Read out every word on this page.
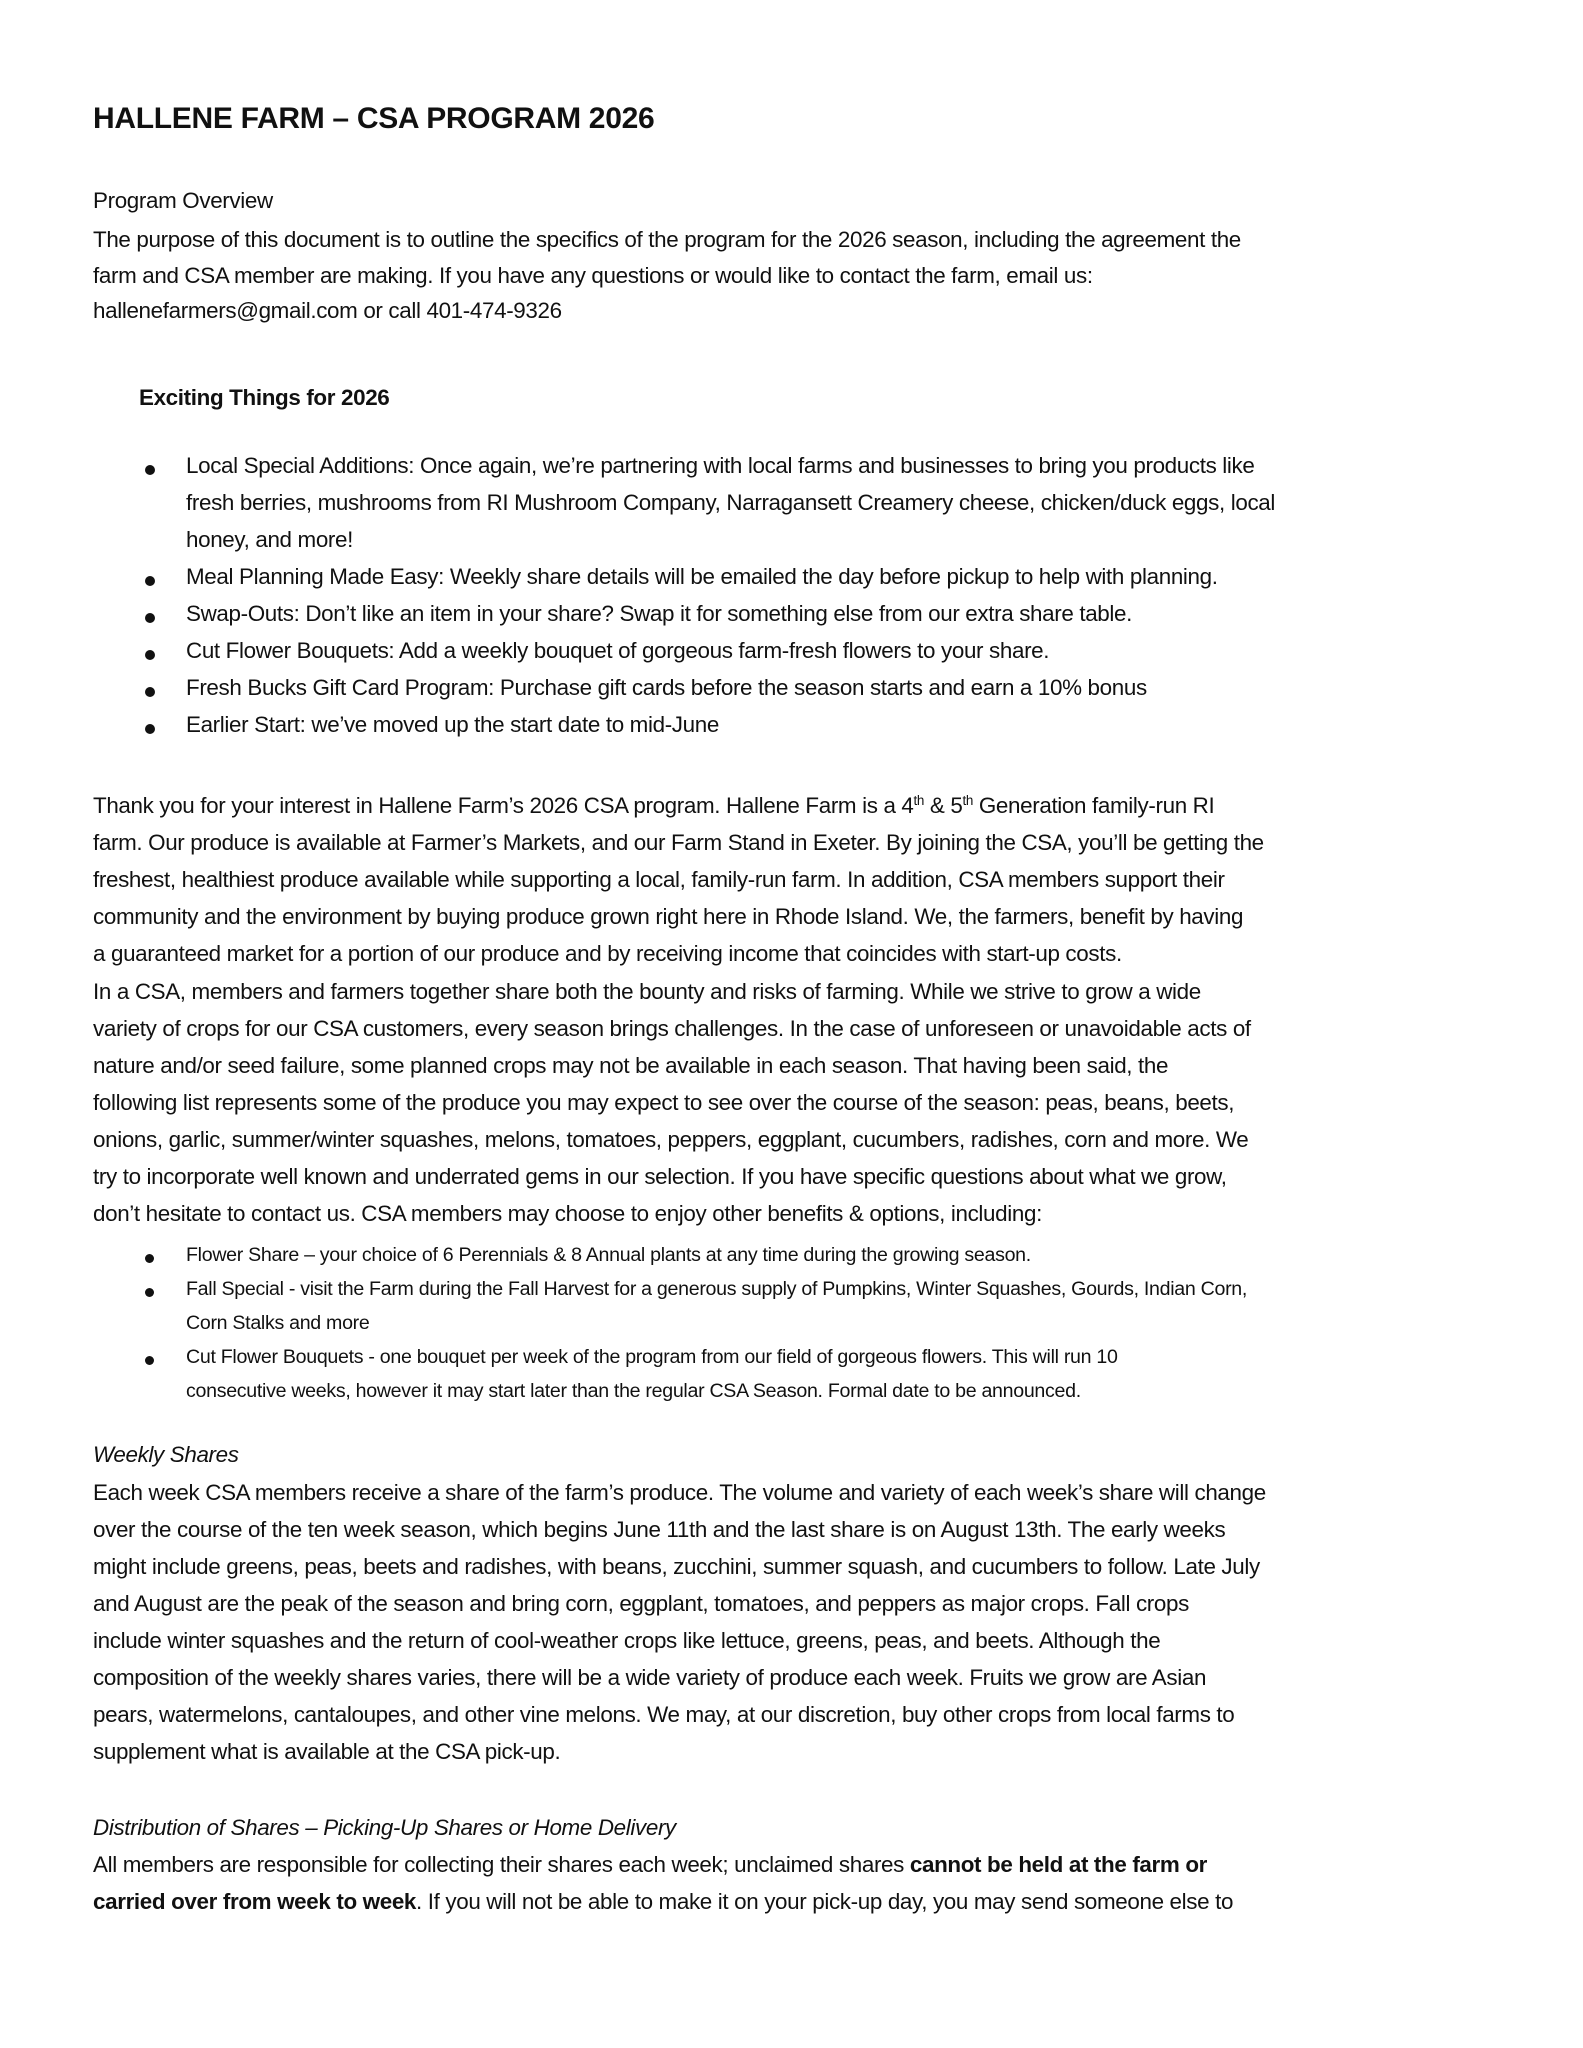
HALLENE FARM – CSA PROGRAM 2026
Program Overview
The purpose of this document is to outline the specifics of the program for the 2026 season, including the agreement the
farm and CSA member are making. If you have any questions or would like to contact the farm, email us:
hallenefarmers@gmail.com or call 401-474-9326
Exciting Things for 2026
Local Special Additions: Once again, we’re partnering with local farms and businesses to bring you products like
fresh berries, mushrooms from RI Mushroom Company, Narragansett Creamery cheese, chicken/duck eggs, local
honey, and more!
Meal Planning Made Easy: Weekly share details will be emailed the day before pickup to help with planning.
Swap-Outs: Don’t like an item in your share? Swap it for something else from our extra share table.
Cut Flower Bouquets: Add a weekly bouquet of gorgeous farm-fresh flowers to your share.
Fresh Bucks Gift Card Program: Purchase gift cards before the season starts and earn a 10% bonus
Earlier Start: we’ve moved up the start date to mid-June
Thank you for your interest in Hallene Farm’s 2026 CSA program. Hallene Farm is a 4th & 5th Generation family-run RI
farm. Our produce is available at Farmer’s Markets, and our Farm Stand in Exeter. By joining the CSA, you’ll be getting the
freshest, healthiest produce available while supporting a local, family-run farm. In addition, CSA members support their
community and the environment by buying produce grown right here in Rhode Island. We, the farmers, benefit by having
a guaranteed market for a portion of our produce and by receiving income that coincides with start-up costs.
In a CSA, members and farmers together share both the bounty and risks of farming. While we strive to grow a wide
variety of crops for our CSA customers, every season brings challenges. In the case of unforeseen or unavoidable acts of
nature and/or seed failure, some planned crops may not be available in each season. That having been said, the
following list represents some of the produce you may expect to see over the course of the season: peas, beans, beets,
onions, garlic, summer/winter squashes, melons, tomatoes, peppers, eggplant, cucumbers, radishes, corn and more. We
try to incorporate well known and underrated gems in our selection. If you have specific questions about what we grow,
don’t hesitate to contact us. CSA members may choose to enjoy other benefits & options, including:
Flower Share – your choice of 6 Perennials & 8 Annual plants at any time during the growing season.
Fall Special - visit the Farm during the Fall Harvest for a generous supply of Pumpkins, Winter Squashes, Gourds, Indian Corn,
Corn Stalks and more
Cut Flower Bouquets - one bouquet per week of the program from our field of gorgeous flowers. This will run 10
consecutive weeks, however it may start later than the regular CSA Season. Formal date to be announced.
Weekly Shares
Each week CSA members receive a share of the farm’s produce. The volume and variety of each week’s share will change
over the course of the ten week season, which begins June 11th and the last share is on August 13th. The early weeks
might include greens, peas, beets and radishes, with beans, zucchini, summer squash, and cucumbers to follow. Late July
and August are the peak of the season and bring corn, eggplant, tomatoes, and peppers as major crops. Fall crops
include winter squashes and the return of cool-weather crops like lettuce, greens, peas, and beets. Although the
composition of the weekly shares varies, there will be a wide variety of produce each week. Fruits we grow are Asian
pears, watermelons, cantaloupes, and other vine melons. We may, at our discretion, buy other crops from local farms to
supplement what is available at the CSA pick-up.
Distribution of Shares – Picking-Up Shares or Home Delivery
All members are responsible for collecting their shares each week; unclaimed shares cannot be held at the farm or
carried over from week to week. If you will not be able to make it on your pick-up day, you may send someone else to
